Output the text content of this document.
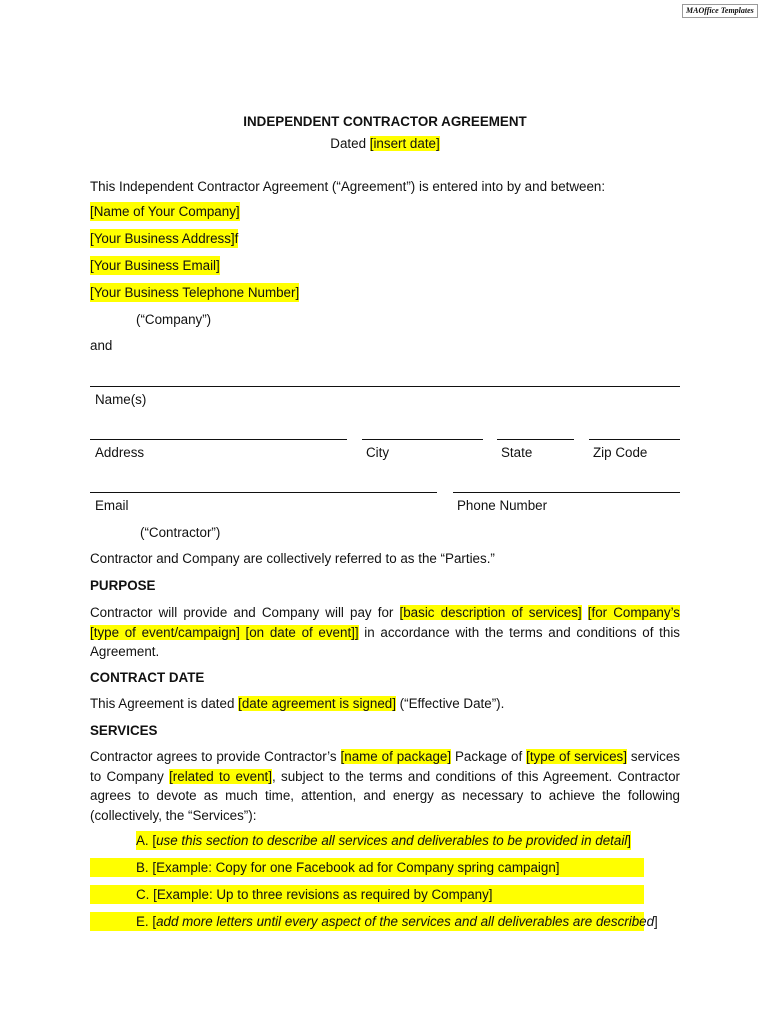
MAOffice Templates
INDEPENDENT CONTRACTOR AGREEMENT
Dated [insert date]
This Independent Contractor Agreement (“Agreement”) is entered into by and between:
[Name of Your Company]
[Your Business Address]f
[Your Business Email]
[Your Business Telephone Number]
(“Company”)
and
Name(s)
Address	City	State	Zip Code
Email	Phone Number
(“Contractor”)
Contractor and Company are collectively referred to as the “Parties.”
PURPOSE
Contractor will provide and Company will pay for [basic description of services] [for Company’s [type of event/campaign] [on date of event]] in accordance with the terms and conditions of this Agreement.
CONTRACT DATE
This Agreement is dated [date agreement is signed] (“Effective Date”).
SERVICES
Contractor agrees to provide Contractor’s [name of package] Package of [type of services] services to Company [related to event], subject to the terms and conditions of this Agreement. Contractor agrees to devote as much time, attention, and energy as necessary to achieve the following (collectively, the “Services”):
A. [use this section to describe all services and deliverables to be provided in detail]
B. [Example: Copy for one Facebook ad for Company spring campaign]
C. [Example: Up to three revisions as required by Company]
E. [add more letters until every aspect of the services and all deliverables are described]
